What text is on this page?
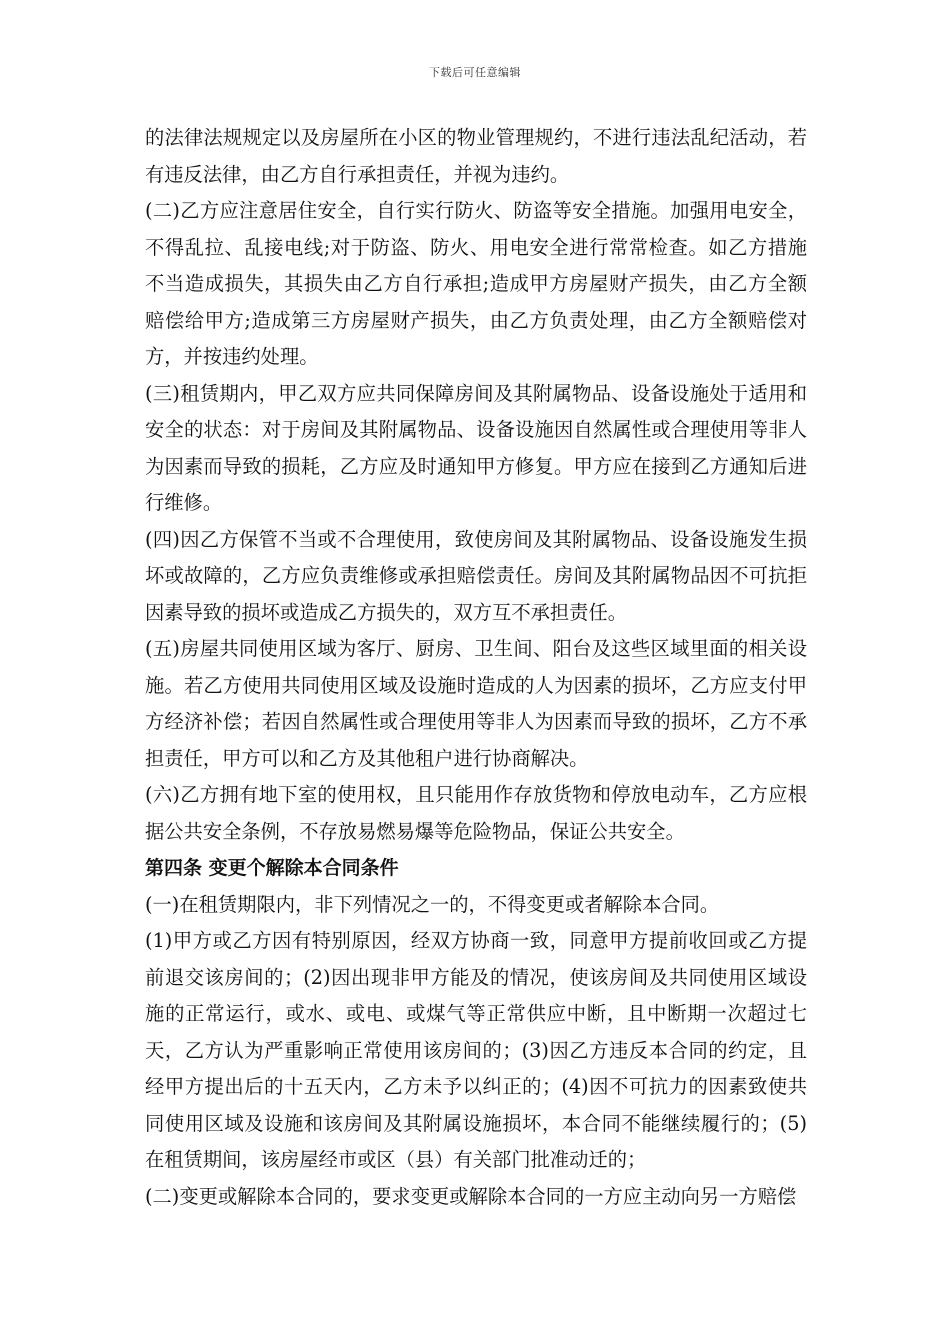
下载后可任意编辑

的法律法规规定以及房屋所在小区的物业管理规约，不进行违法乱纪活动，若有违反法律，由乙方自行承担责任，并视为违约。

(二)乙方应注意居住安全，自行实行防火、防盗等安全措施。加强用电安全，不得乱拉、乱接电线;对于防盗、防火、用电安全进行常常检查。如乙方措施不当造成损失，其损失由乙方自行承担;造成甲方房屋财产损失，由乙方全额赔偿给甲方;造成第三方房屋财产损失，由乙方负责处理，由乙方全额赔偿对方，并按违约处理。

(三)租赁期内，甲乙双方应共同保障房间及其附属物品、设备设施处于适用和安全的状态：对于房间及其附属物品、设备设施因自然属性或合理使用等非人为因素而导致的损耗，乙方应及时通知甲方修复。甲方应在接到乙方通知后进行维修。

(四)因乙方保管不当或不合理使用，致使房间及其附属物品、设备设施发生损坏或故障的，乙方应负责维修或承担赔偿责任。房间及其附属物品因不可抗拒因素导致的损坏或造成乙方损失的，双方互不承担责任。

(五)房屋共同使用区域为客厅、厨房、卫生间、阳台及这些区域里面的相关设施。若乙方使用共同使用区域及设施时造成的人为因素的损坏，乙方应支付甲方经济补偿；若因自然属性或合理使用等非人为因素而导致的损坏，乙方不承担责任，甲方可以和乙方及其他租户进行协商解决。

(六)乙方拥有地下室的使用权，且只能用作存放货物和停放电动车，乙方应根据公共安全条例，不存放易燃易爆等危险物品，保证公共安全。

第四条 变更个解除本合同条件

(一)在租赁期限内，非下列情况之一的，不得变更或者解除本合同。

(1)甲方或乙方因有特别原因，经双方协商一致，同意甲方提前收回或乙方提前退交该房间的；(2)因出现非甲方能及的情况，使该房间及共同使用区域设施的正常运行，或水、或电、或煤气等正常供应中断，且中断期一次超过七天，乙方认为严重影响正常使用该房间的；(3)因乙方违反本合同的约定，且经甲方提出后的十五天内，乙方未予以纠正的；(4)因不可抗力的因素致使共同使用区域及设施和该房间及其附属设施损坏，本合同不能继续履行的；(5)在租赁期间，该房屋经市或区（县）有关部门批准动迁的；

(二)变更或解除本合同的，要求变更或解除本合同的一方应主动向另一方赔偿
